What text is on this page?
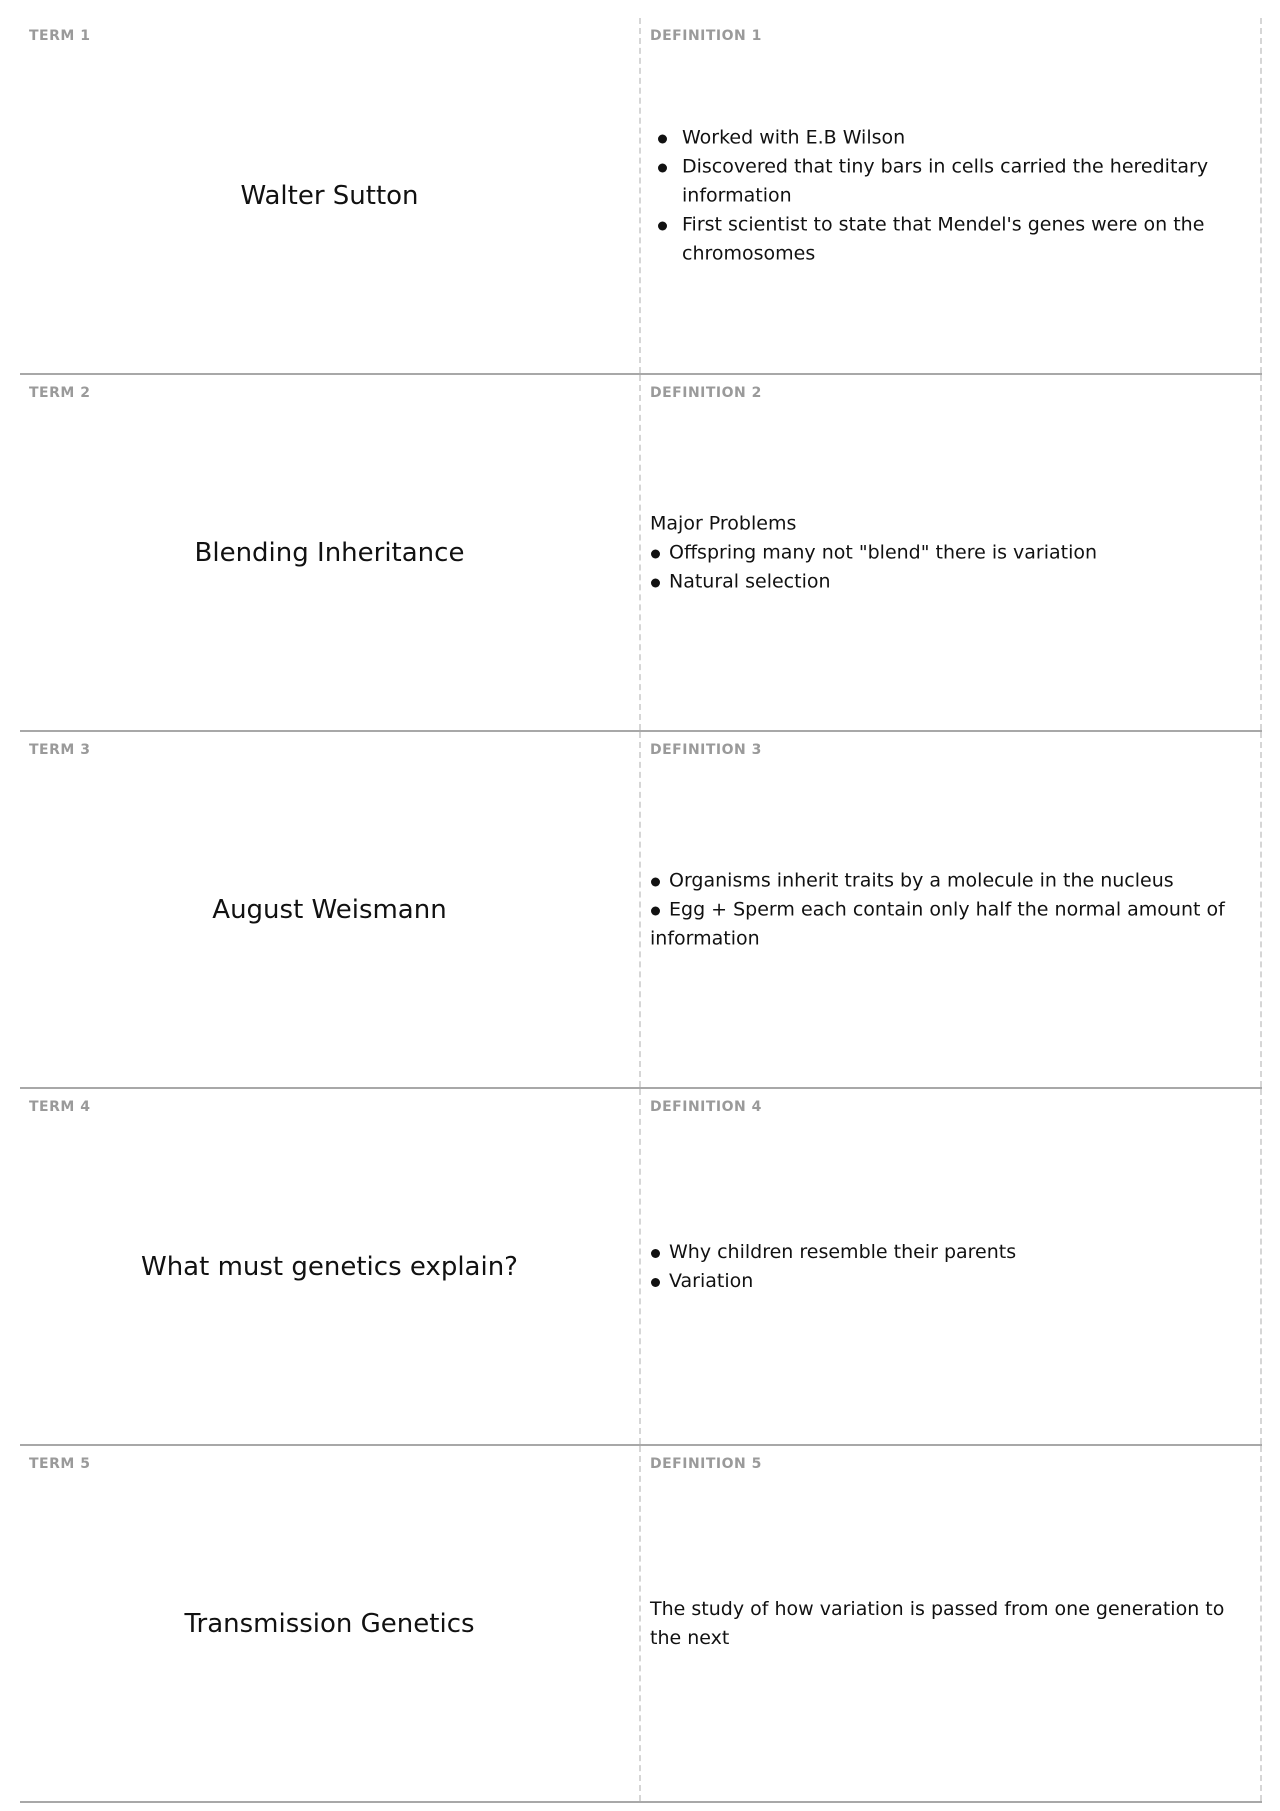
TERM 1
Walter Sutton
DEFINITION 1
Worked with E.B Wilson
Discovered that tiny bars in cells carried the hereditary information
First scientist to state that Mendel's genes were on the chromosomes
TERM 2
Blending Inheritance
DEFINITION 2

Major Problems

Offspring many not "blend" there is variation
Natural selection
TERM 3
August Weismann
DEFINITION 3
Organisms inherit traits by a molecule in the nucleus
Egg + Sperm each contain only half the normal amount of information
TERM 4
What must genetics explain?
DEFINITION 4
Why children resemble their parents
Variation
TERM 5
Transmission Genetics
DEFINITION 5

The study of how variation is passed from one generation to the next
